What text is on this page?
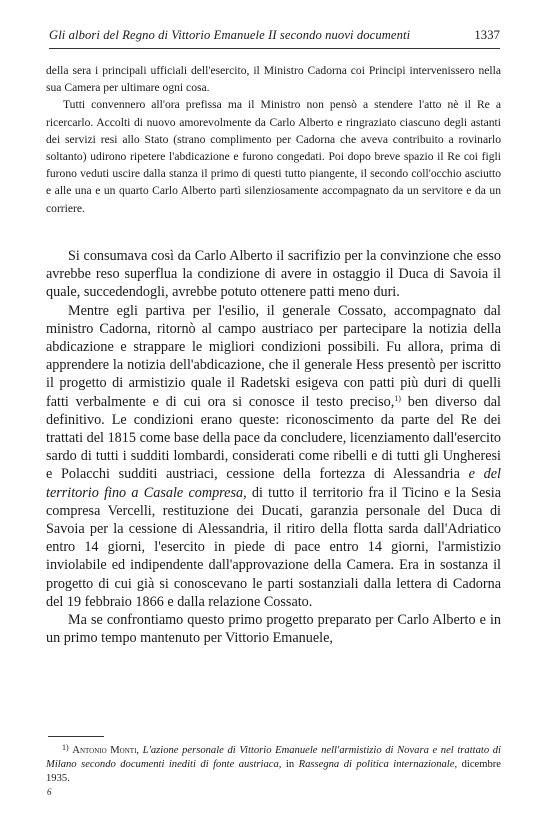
Gli albori del Regno di Vittorio Emanuele II secondo nuovi documenti	1337

della sera i principali ufficiali dell'esercito, il Ministro Cadorna coi Principi intervenissero nella sua Camera per ultimare ogni cosa.

Tutti convennero all'ora prefissa ma il Ministro non pensò a stendere l'atto nè il Re a ricercarlo. Accolti di nuovo amorevolmente da Carlo Alberto e ringraziato ciascuno degli astanti dei servizi resi allo Stato (strano complimento per Cadorna che aveva contribuito a rovinarlo soltanto) udirono ripetere l'abdicazione e furono congedati. Poi dopo breve spazio il Re coi figli furono veduti uscire dalla stanza il primo di questi tutto piangente, il secondo coll'occhio asciutto e alle una e un quarto Carlo Alberto partì silenziosamente accompagnato da un servitore e da un corriere.

Si consumava così da Carlo Alberto il sacrifizio per la convinzione che esso avrebbe reso superflua la condizione di avere in ostaggio il Duca di Savoia il quale, succedendogli, avrebbe potuto ottenere patti meno duri.

Mentre egli partiva per l'esilio, il generale Cossato, accompagnato dal ministro Cadorna, ritornò al campo austriaco per partecipare la notizia della abdicazione e strappare le migliori condizioni possibili. Fu allora, prima di apprendere la notizia dell'abdicazione, che il generale Hess presentò per iscritto il progetto di armistizio quale il Radetski esigeva con patti più duri di quelli fatti verbalmente e di cui ora si conosce il testo preciso,$^{1)}$ ben diverso dal definitivo. Le condizioni erano queste: riconoscimento da parte del Re dei trattati del 1815 come base della pace da concludere, licenziamento dall'esercito sardo di tutti i sudditi lombardi, considerati come ribelli e di tutti gli Ungheresi e Polacchi sudditi austriaci, cessione della fortezza di Alessandria e del territorio fino a Casale compresa, di tutto il territorio fra il Ticino e la Sesia compresa Vercelli, restituzione dei Ducati, garanzia personale del Duca di Savoia per la cessione di Alessandria, il ritiro della flotta sarda dall'Adriatico entro 14 giorni, l'esercito in piede di pace entro 14 giorni, l'armistizio inviolabile ed indipendente dall'approvazione della Camera. Era in sostanza il progetto di cui già si conoscevano le parti sostanziali dalla lettera di Cadorna del 19 febbraio 1866 e dalla relazione Cossato.

Ma se confrontiamo questo primo progetto preparato per Carlo Alberto e in un primo tempo mantenuto per Vittorio Emanuele,

$^{1)}$ Antonio Monti, L'azione personale di Vittorio Emanuele nell'armistizio di Novara e nel trattato di Milano secondo documenti inediti di fonte austriaca, in Rassegna di politica internazionale, dicembre 1935.
6
